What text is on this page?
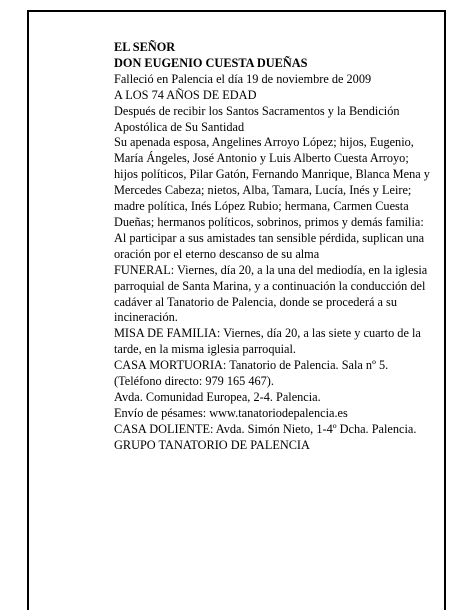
EL SEÑOR

DON EUGENIO CUESTA DUEÑAS

Falleció en Palencia el día 19 de noviembre de 2009

A LOS 74 AÑOS DE EDAD

Después de recibir los Santos Sacramentos y la Bendición Apostólica de Su Santidad

Su apenada esposa, Angelines Arroyo López; hijos, Eugenio, María Ángeles, José Antonio y Luis Alberto Cuesta Arroyo; hijos políticos, Pilar Gatón, Fernando Manrique, Blanca Mena y Mercedes Cabeza; nietos, Alba, Tamara, Lucía, Inés y Leire; madre política, Inés López Rubio; hermana, Carmen Cuesta Dueñas; hermanos políticos, sobrinos, primos y demás familia:

Al participar a sus amistades tan sensible pérdida, suplican una oración por el eterno descanso de su alma

FUNERAL: Viernes, día 20, a la una del mediodía, en la iglesia parroquial de Santa Marina, y a continuación la conducción del cadáver al Tanatorio de Palencia, donde se procederá a su incineración.

MISA DE FAMILIA: Viernes, día 20, a las siete y cuarto de la tarde, en la misma iglesia parroquial.

CASA MORTUORIA: Tanatorio de Palencia. Sala nº 5. (Teléfono directo: 979 165 467).

Avda. Comunidad Europea, 2-4. Palencia.

Envío de pésames: www.tanatoriodepalencia.es

CASA DOLIENTE: Avda. Simón Nieto, 1-4º Dcha. Palencia.

GRUPO TANATORIO DE PALENCIA
